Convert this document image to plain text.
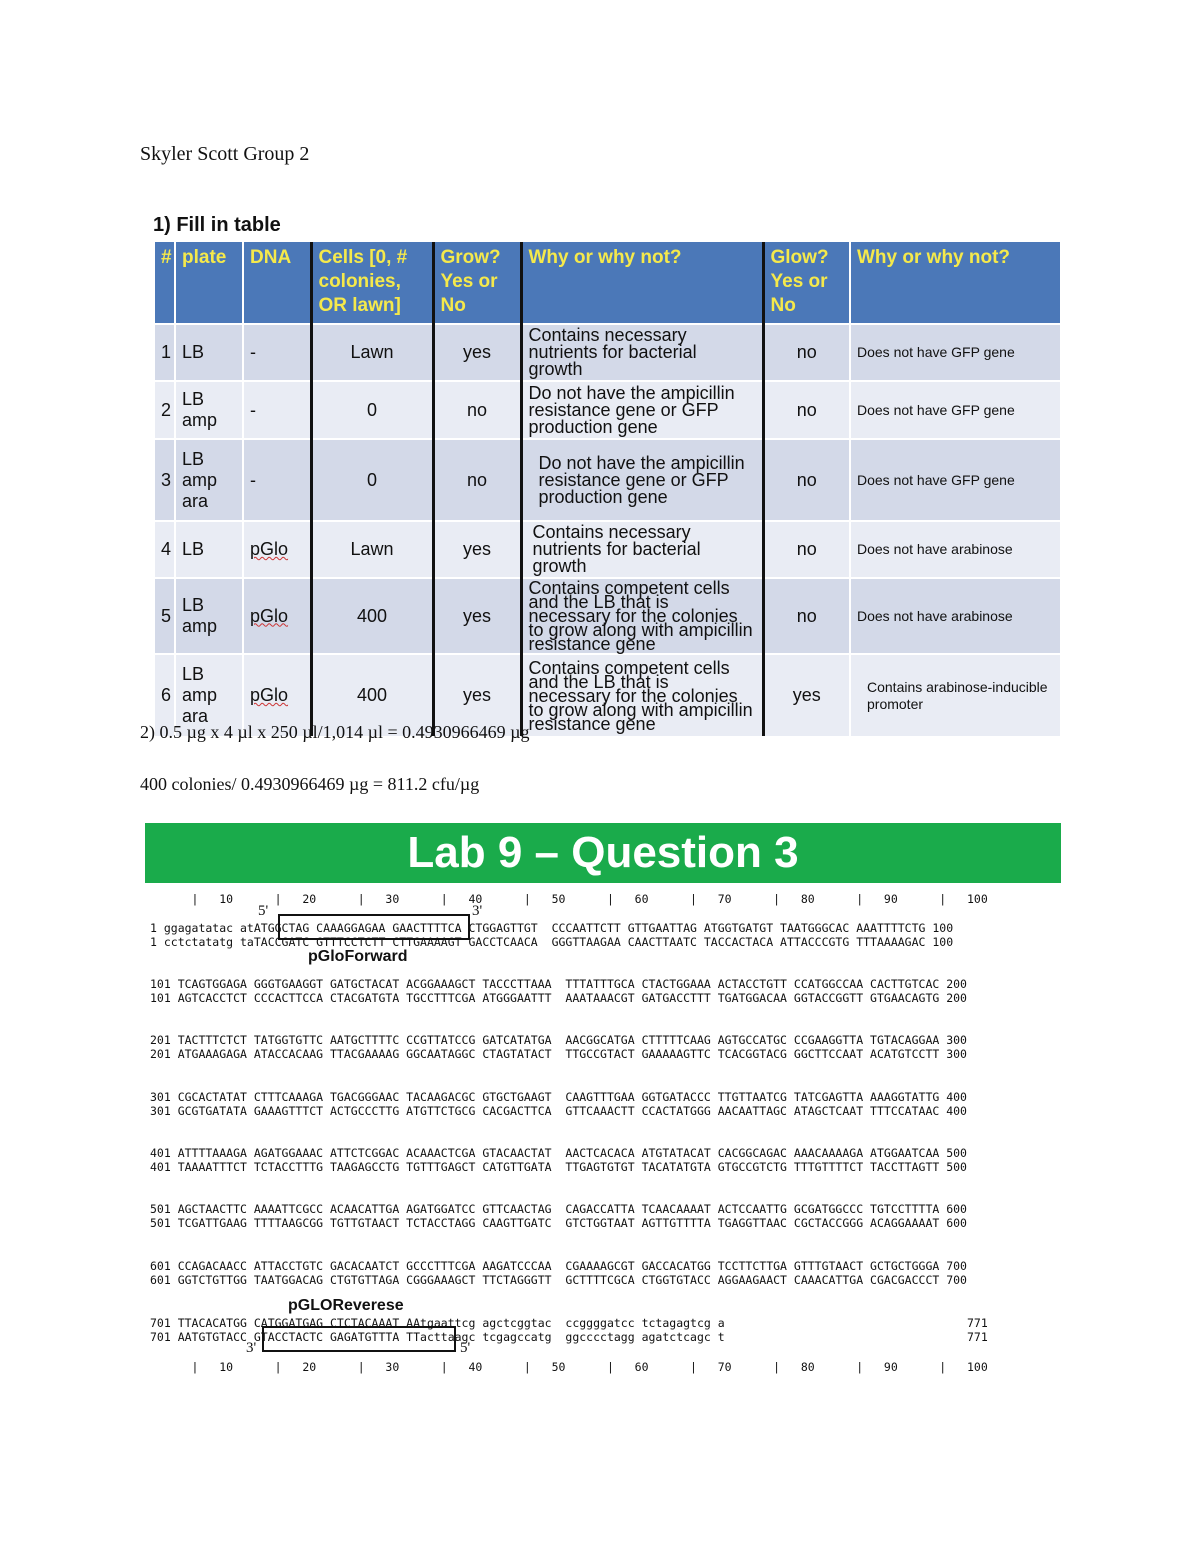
Skyler Scott Group 2
1) Fill in table
#	plate	DNA	Cells [0, # colonies, OR lawn]	Grow? Yes or No	Why or why not?	Glow? Yes or No	Why or why not?
1	LB	-	Lawn	yes	Contains necessary nutrients for bacterial growth	no	Does not have GFP gene
2	LB amp	-	0	no	Do not have the ampicillin resistance gene or GFP production gene	no	Does not have GFP gene
3	LB amp ara	-	0	no	Do not have the ampicillin resistance gene or GFP production gene	no	Does not have GFP gene
4	LB	pGlo	Lawn	yes	Contains necessary nutrients for bacterial growth	no	Does not have arabinose
5	LB amp	pGlo	400	yes	Contains competent cells and the LB that is necessary for the colonies to grow along with ampicillin resistance gene	no	Does not have arabinose
6	LB amp ara	pGlo	400	yes	Contains competent cells and the LB that is necessary for the colonies to grow along with ampicillin resistance gene	yes	Contains arabinose-inducible promoter
2) 0.5 µg x 4 µl x 250 µl/1,014 µl = 0.4930966469 µg
400 colonies/ 0.4930966469 µg = 811.2 cfu/µg
Lab 9 – Question 3
|   10      |   20      |   30      |   40      |   50      |   60      |   70      |   80      |   90      |   100
5'	3'
1 ggagatatac atATGGCTAG CAAAGGAGAA GAACTTTTCA CTGGAGTTGT  CCCAATTCTT GTTGAATTAG ATGGTGATGT TAATGGGCAC AAATTTTCTG 100
1 cctctatatg taTACCGATC GTTTCCTCTT CTTGAAAAGT GACCTCAACA  GGGTTAAGAA CAACTTAATC TACCACTACA ATTACCCGTG TTTAAAAGAC 100
pGloForward
101 TCAGTGGAGA GGGTGAAGGT GATGCTACAT ACGGAAAGCT TACCCTTAAA  TTTATTTGCA CTACTGGAAA ACTACCTGTT CCATGGCCAA CACTTGTCAC 200
101 AGTCACCTCT CCCACTTCCA CTACGATGTA TGCCTTTCGA ATGGGAATTT  AAATAAACGT GATGACCTTT TGATGGACAA GGTACCGGTT GTGAACAGTG 200
201 TACTTTCTCT TATGGTGTTC AATGCTTTTC CCGTTATCCG GATCATATGA  AACGGCATGA CTTTTTCAAG AGTGCCATGC CCGAAGGTTA TGTACAGGAA 300
201 ATGAAAGAGA ATACCACAAG TTACGAAAAG GGCAATAGGC CTAGTATACT  TTGCCGTACT GAAAAAGTTC TCACGGTACG GGCTTCCAAT ACATGTCCTT 300
301 CGCACTATAT CTTTCAAAGA TGACGGGAAC TACAAGACGC GTGCTGAAGT  CAAGTTTGAA GGTGATACCC TTGTTAATCG TATCGAGTTA AAAGGTATTG 400
301 GCGTGATATA GAAAGTTTCT ACTGCCCTTG ATGTTCTGCG CACGACTTCA  GTTCAAACTT CCACTATGGG AACAATTAGC ATAGCTCAAT TTTCCATAAC 400
401 ATTTTAAAGA AGATGGAAAC ATTCTCGGAC ACAAACTCGA GTACAACTAT  AACTCACACA ATGTATACAT CACGGCAGAC AAACAAAAGA ATGGAATCAA 500
401 TAAAATTTCT TCTACCTTTG TAAGAGCCTG TGTTTGAGCT CATGTTGATA  TTGAGTGTGT TACATATGTA GTGCCGTCTG TTTGTTTTCT TACCTTAGTT 500
501 AGCTAACTTC AAAATTCGCC ACAACATTGA AGATGGATCC GTTCAACTAG  CAGACCATTA TCAACAAAAT ACTCCAATTG GCGATGGCCC TGTCCTTTTA 600
501 TCGATTGAAG TTTTAAGCGG TGTTGTAACT TCTACCTAGG CAAGTTGATC  GTCTGGTAAT AGTTGTTTTA TGAGGTTAAC CGCTACCGGG ACAGGAAAAT 600
601 CCAGACAACC ATTACCTGTC GACACAATCT GCCCTTTCGA AAGATCCCAA  CGAAAAGCGT GACCACATGG TCCTTCTTGA GTTTGTAACT GCTGCTGGGA 700
601 GGTCTGTTGG TAATGGACAG CTGTGTTAGA CGGGAAAGCT TTCTAGGGTT  GCTTTTCGCA CTGGTGTACC AGGAAGAACT CAAACATTGA CGACGACCCT 700
pGLOReverese
701 TTACACATGG CATGGATGAG CTCTACAAAT AAtgaattcg agctcggtac  ccggggatcc tctagagtcg a                                   771
701 AATGTGTACC GTACCTACTC GAGATGTTTA TTacttaagc tcgagccatg  ggcccctagg agatctcagc t                                   771
3'	5'
|   10      |   20      |   30      |   40      |   50      |   60      |   70      |   80      |   90      |   100
